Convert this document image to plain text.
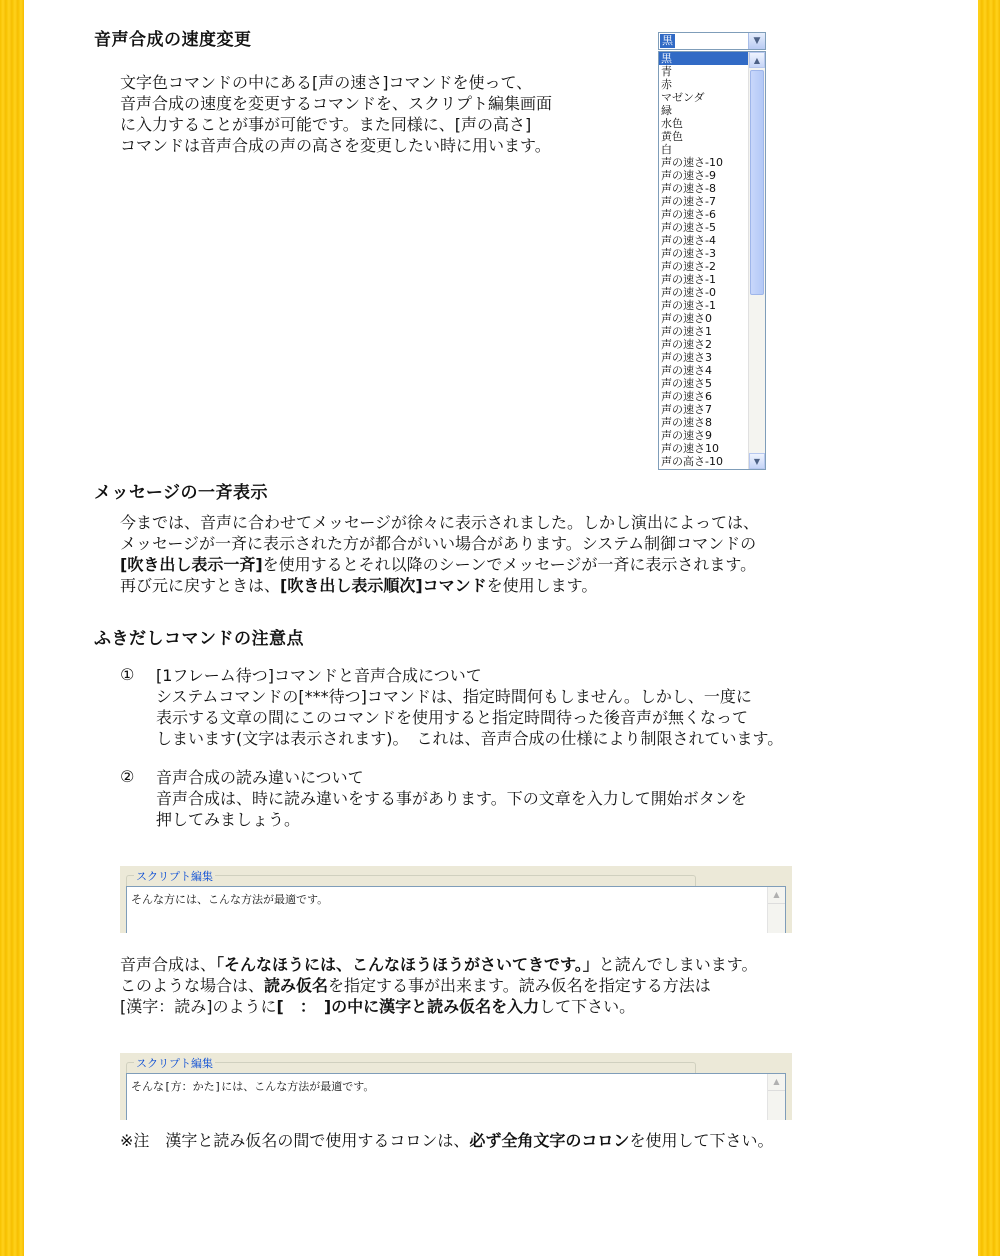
音声合成の速度変更

文字色コマンドの中にある[声の速さ]コマンドを使って、

音声合成の速度を変更するコマンドを、スクリプト編集画面

に入力することが事が可能です。また同様に、[声の高さ]

コマンドは音声合成の声の高さを変更したい時に用います。

黒	▼
黒
青
赤
マゼンダ
緑
水色
黄色
白
声の速さ-10
声の速さ-9
声の速さ-8
声の速さ-7
声の速さ-6
声の速さ-5
声の速さ-4
声の速さ-3
声の速さ-2
声の速さ-1
声の速さ-0
声の速さ-1
声の速さ0
声の速さ1
声の速さ2
声の速さ3
声の速さ4
声の速さ5
声の速さ6
声の速さ7
声の速さ8
声の速さ9
声の速さ10
声の高さ-10
▲
▼
メッセージの一斉表示

今までは、音声に合わせてメッセージが徐々に表示されました。しかし演出によっては、

メッセージが一斉に表示された方が都合がいい場合があります。システム制御コマンドの

[吹き出し表示一斉]を使用するとそれ以降のシーンでメッセージが一斉に表示されます。

再び元に戻すときは、[吹き出し表示順次]コマンドを使用します。

ふきだしコマンドの注意点
① [1フレーム待つ]コマンドと音声合成について

システムコマンドの[***待つ]コマンドは、指定時間何もしません。しかし、一度に

表示する文章の間にこのコマンドを使用すると指定時間待った後音声が無くなって

しまいます(文字は表示されます)。　これは、音声合成の仕様により制限されています。

② 音声合成の読み違いについて

音声合成は、時に読み違いをする事があります。下の文章を入力して開始ボタンを

押してみましょう。

スクリプト編集
そんな方には、こんな方法が最適です。	▲

音声合成は、「そんなほうには、こんなほうほうがさいてきです。」と読んでしまいます。

このような場合は、読み仮名を指定する事が出来ます。読み仮名を指定する方法は

[漢字：読み]のように[　：　]の中に漢字と読み仮名を入力して下さい。

スクリプト編集
そんな[方：かた]には、こんな方法が最適です。	▲

※注　漢字と読み仮名の間で使用するコロンは、必ず全角文字のコロンを使用して下さい。
